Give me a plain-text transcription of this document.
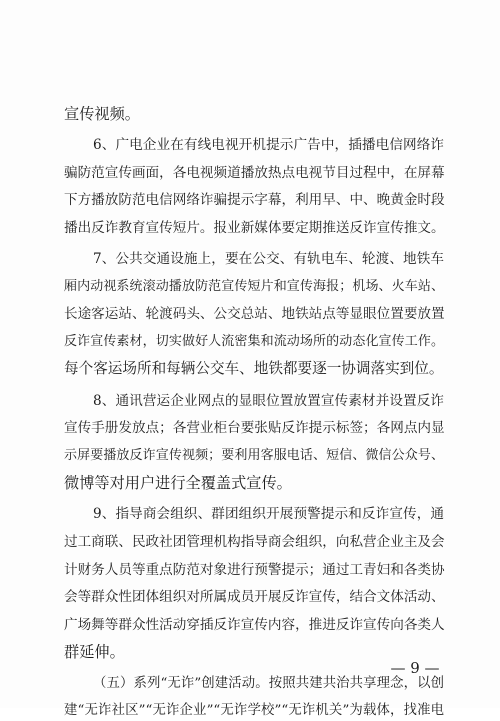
宣传视频。
6、广电企业在有线电视开机提示广告中，插播电信网络诈
骗防范宣传画面，各电视频道播放热点电视节目过程中，在屏幕
下方播放防范电信网络诈骗提示字幕，利用早、中、晚黄金时段
播出反诈教育宣传短片。报业新媒体要定期推送反诈宣传推文。
7、公共交通设施上，要在公交、有轨电车、轮渡、地铁车
厢内动视系统滚动播放防范宣传短片和宣传海报；机场、火车站、
长途客运站、轮渡码头、公交总站、地铁站点等显眼位置要放置
反诈宣传素材，切实做好人流密集和流动场所的动态化宣传工作。
每个客运场所和每辆公交车、地铁都要逐一协调落实到位。
8、通讯营运企业网点的显眼位置放置宣传素材并设置反诈
宣传手册发放点；各营业柜台要张贴反诈提示标签；各网点内显
示屏要播放反诈宣传视频；要利用客服电话、短信、微信公众号、
微博等对用户进行全覆盖式宣传。
9、指导商会组织、群团组织开展预警提示和反诈宣传，通
过工商联、民政社团管理机构指导商会组织，向私营企业主及会
计财务人员等重点防范对象进行预警提示；通过工青妇和各类协
会等群众性团体组织对所属成员开展反诈宣传，结合文体活动、
广场舞等群众性活动穿插反诈宣传内容，推进反诈宣传向各类人
群延伸。
— 9 —
（五）系列“无诈”创建活动。按照共建共治共享理念，以创
建“无诈社区”“无诈企业”“无诈学校”“无诈机关”为载体，找准电
